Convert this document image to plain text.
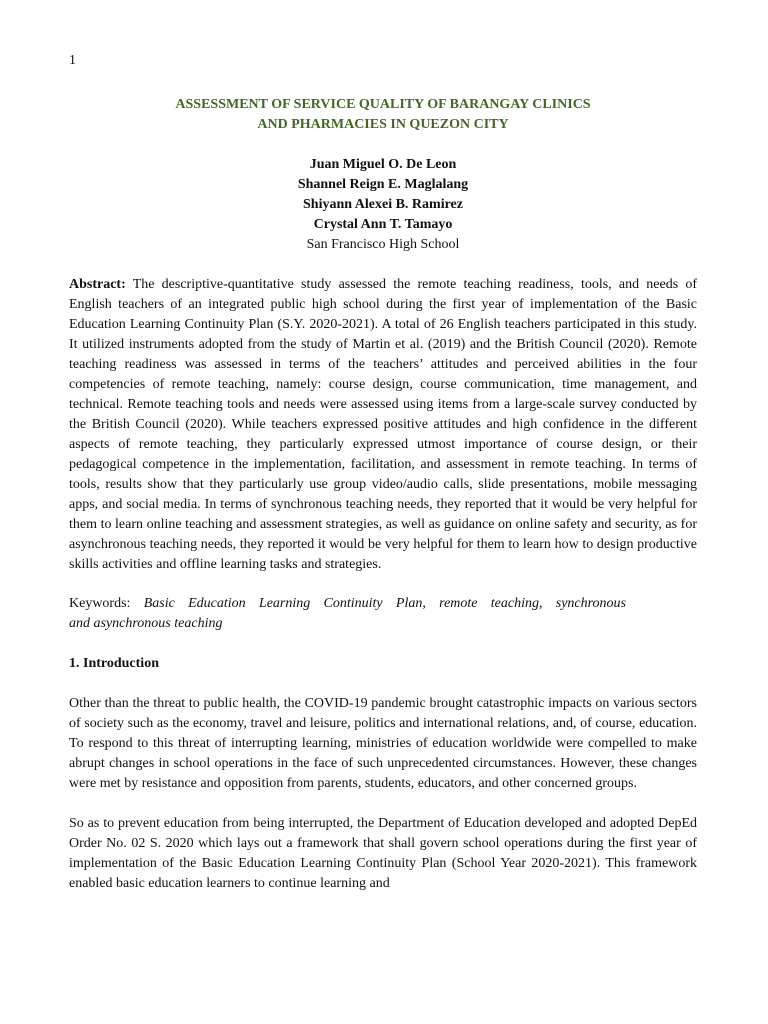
1
ASSESSMENT OF SERVICE QUALITY OF BARANGAY CLINICS
AND PHARMACIES IN QUEZON CITY
Juan Miguel O. De Leon
Shannel Reign E. Maglalang
Shiyann Alexei B. Ramirez
Crystal Ann T. Tamayo
San Francisco High School

Abstract: The descriptive-quantitative study assessed the remote teaching readiness, tools, and needs of English teachers of an integrated public high school during the first year of implementation of the Basic Education Learning Continuity Plan (S.Y. 2020-2021). A total of 26 English teachers participated in this study. It utilized instruments adopted from the study of Martin et al. (2019) and the British Council (2020). Remote teaching readiness was assessed in terms of the teachers’ attitudes and perceived abilities in the four competencies of remote teaching, namely: course design, course communication, time management, and technical. Remote teaching tools and needs were assessed using items from a large-scale survey conducted by the British Council (2020). While teachers expressed positive attitudes and high confidence in the different aspects of remote teaching, they particularly expressed utmost importance of course design, or their pedagogical competence in the implementation, facilitation, and assessment in remote teaching. In terms of tools, results show that they particularly use group video/audio calls, slide presentations, mobile messaging apps, and social media. In terms of synchronous teaching needs, they reported that it would be very helpful for them to learn online teaching and assessment strategies, as well as guidance on online safety and security, as for asynchronous teaching needs, they reported it would be very helpful for them to learn how to design productive skills activities and offline learning tasks and strategies.

Keywords: Basic Education Learning Continuity Plan, remote teaching, synchronous
and asynchronous teaching
1. Introduction

Other than the threat to public health, the COVID-19 pandemic brought catastrophic impacts on various sectors of society such as the economy, travel and leisure, politics and international relations, and, of course, education. To respond to this threat of interrupting learning, ministries of education worldwide were compelled to make abrupt changes in school operations in the face of such unprecedented circumstances. However, these changes were met by resistance and opposition from parents, students, educators, and other concerned groups.

So as to prevent education from being interrupted, the Department of Education developed and adopted DepEd Order No. 02 S. 2020 which lays out a framework that shall govern school operations during the first year of implementation of the Basic Education Learning Continuity Plan (School Year 2020-2021). This framework enabled basic education learners to continue learning and
